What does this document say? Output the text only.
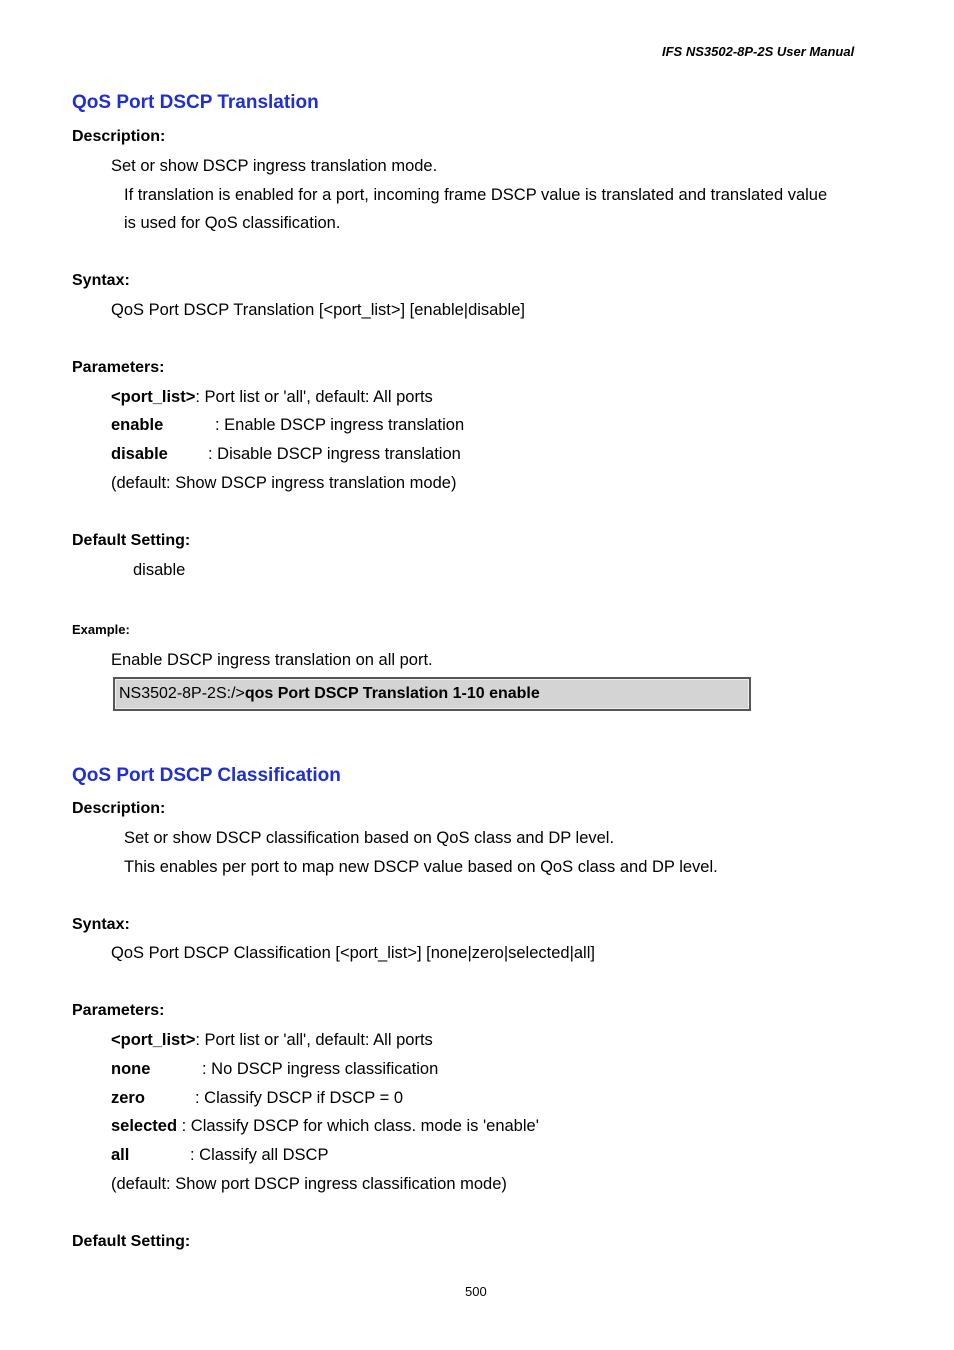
IFS NS3502-8P-2S User Manual
QoS Port DSCP Translation
Description:
Set or show DSCP ingress translation mode.
If translation is enabled for a port, incoming frame DSCP value is translated and translated value
is used for QoS classification.
Syntax:
QoS Port DSCP Translation [<port_list>] [enable|disable]
Parameters:
<port_list>: Port list or 'all', default: All ports
enable	: Enable DSCP ingress translation
disable : Disable DSCP ingress translation
(default: Show DSCP ingress translation mode)
Default Setting:
disable
Example:
Enable DSCP ingress translation on all port.
NS3502-8P-2S:/>qos Port DSCP Translation 1-10 enable
QoS Port DSCP Classification
Description:
Set or show DSCP classification based on QoS class and DP level.
This enables per port to map new DSCP value based on QoS class and DP level.
Syntax:
QoS Port DSCP Classification [<port_list>] [none|zero|selected|all]
Parameters:
<port_list>: Port list or 'all', default: All ports
none	: No DSCP ingress classification
zero	: Classify DSCP if DSCP = 0
selected : Classify DSCP for which class. mode is 'enable'
all	: Classify all DSCP
(default: Show port DSCP ingress classification mode)
Default Setting:
500
